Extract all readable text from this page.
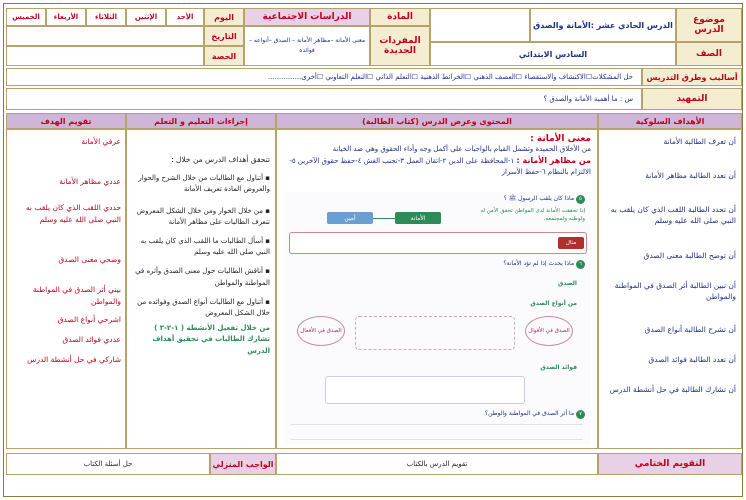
موضوع الدرس
الدرس الحادي عشر :الأمانة والصدق
المادة
الدراسات الاجتماعية
اليوم
الأحد
الإثنين
الثلاثاء
الأربعاء
الخميس
المفردات الجديدة
معنى الأمانة –مظاهر الأمانة – الصدق –أنواعه –فوائده
التاريخ
الحصة	الصف
السادس الابتدائي
أساليب وطرق التدريس
حل المشكلات☐الاكتشاف والاستقصاء ☐العصف الذهني ☐الخرائط الذهنية ☐التعلم الذاتي ☐التعلم التعاوني ☐أخرى...............
التمهيد
س : ما أهمية الأمانة والصدق ؟
الأهداف السلوكية
المحتوى وعرض الدرس (كتاب الطالبة)
إجراءات التعليم و التعلم
تقويم الهدف
أن تعرف الطالبة الأمانة
أن تعدد الطالبة مظاهر الأمانة
أن تحدد الطالبة اللقب الذي كان يلقب به النبي صلى الله عليه وسلم
أن توضح الطالبة معنى الصدق
أن تبين الطالبة أثر الصدق في المواطنة والمواطن
أن تشرح الطالبة أنواع الصدق
أن تعدد الطالبة فوائد الصدق
أن تشارك الطالبة في حل أنشطة الدرس
معنى الأمانة :
من الأخلاق الحميدة وتشمل القيام بالواجبات على أكمل وجه وأداء الحقوق وهي ضد الخيانة
من مظاهر الأمانة : ١-المحافظة على الدين ٢-اتقان العمل ٣-تجنب الغش ٤-حفظ حقوق الآخرين ٥-الالتزام بالنظام ٦-حفظ الأسرار
٥ ماذا كان يلقب الرسول ﷺ ؟
الأمانة
أمين
إذا تحققت الأمانة لدى المواطن تحقق الأمن له ولوطنه ولمجتمعه.
مثال
٦ ماذا يحدث إذا لم تؤد الأمانة؟
الصدق
من أنواع الصدق
الصدق في الأقوال
الصدق في الأفعال
فوائد الصدق
٧ ما أثر الصدق في المواطنة والوطن؟
تتحقق أهداف الدرس من خلال :
▪ أتناول مع الطالبات من خلال الشرح والحوار والعروض المادة تعريف الأمانة
▪ من خلال الحوار ومن خلال الشكل المعروض تتعرف الطالبات على مظاهر الأمانة
▪ أسأل الطالبات ما اللقب الذي كان يلقب به النبي صلى الله عليه وسلم
▪ أناقش الطالبات حول معنى الصدق وأثره في المواطنة والمواطن
▪ أتناول مع الطالبات أنواع الصدق وفوائده من خلال الشكل المعروض
من خلال تفعيل الأنشطة ( ١-٢-٣ ) تشارك الطالبات في تحقيق أهداف الدرس
عرفي الأمانة
عددي مظاهر الأمانة
حددي اللقب الذي كان يلقب به النبي صلى الله عليه وسلم
وضحي معنى الصدق
بيني أثر الصدق في المواطنة والمواطن
اشرحي أنواع الصدق
عددي فوائد الصدق
شاركي في حل أنشطة الدرس
التقويم الختامي
تقويم الدرس بالكتاب
الواجب المنزلي
حل أسئلة الكتاب
